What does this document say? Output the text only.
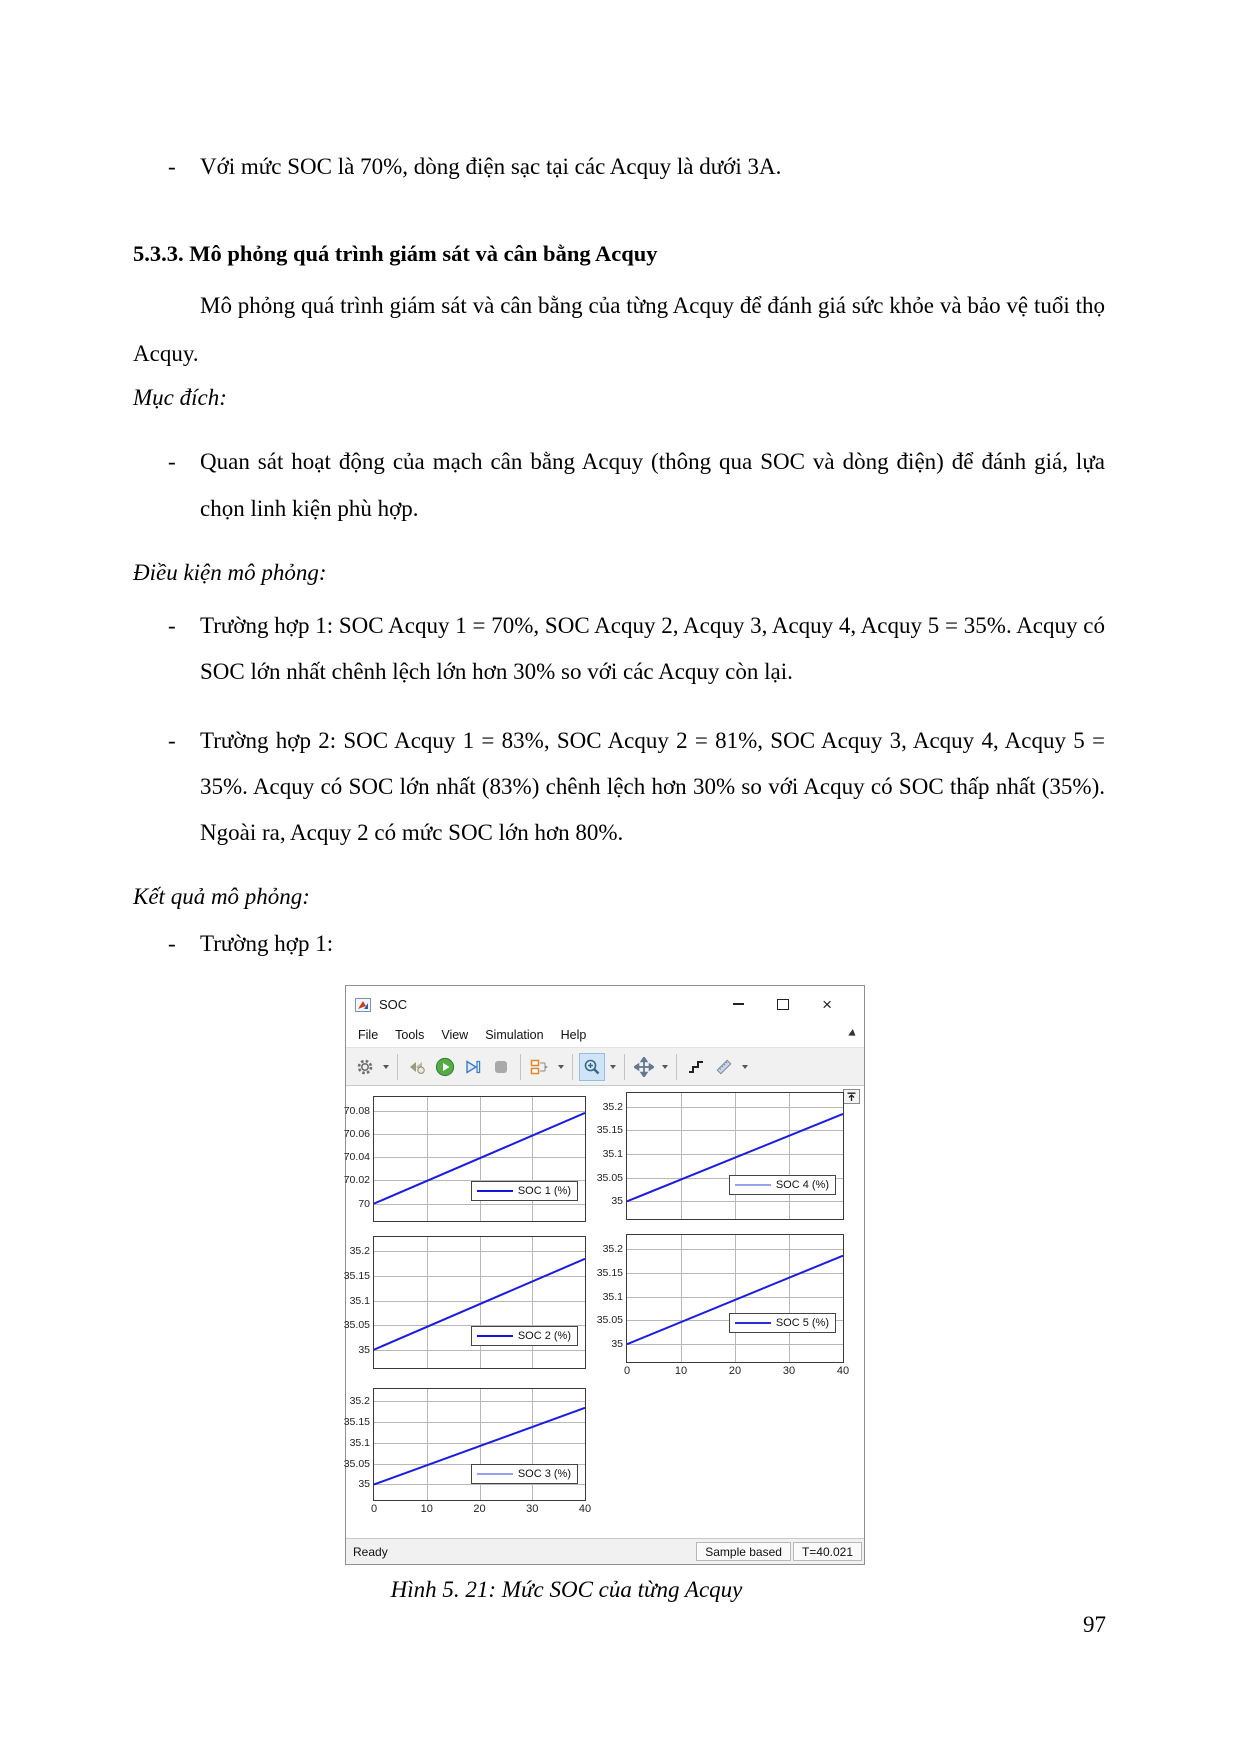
- Với mức SOC là 70%, dòng điện sạc tại các Acquy là dưới 3A.

5.3.3. Mô phỏng quá trình giám sát và cân bằng Acquy

Mô phỏng quá trình giám sát và cân bằng của từng Acquy để đánh giá sức khỏe và bảo vệ tuổi thọ Acquy.

Mục đích:

- Quan sát hoạt động của mạch cân bằng Acquy (thông qua SOC và dòng điện) để đánh giá, lựa chọn linh kiện phù hợp.

Điều kiện mô phỏng:

- Trường hợp 1: SOC Acquy 1 = 70%, SOC Acquy 2, Acquy 3, Acquy 4, Acquy 5 = 35%. Acquy có SOC lớn nhất chênh lệch lớn hơn 30% so với các Acquy còn lại.

- Trường hợp 2: SOC Acquy 1 = 83%, SOC Acquy 2 = 81%, SOC Acquy 3, Acquy 4, Acquy 5 = 35%. Acquy có SOC lớn nhất (83%) chênh lệch hơn 30% so với Acquy có SOC thấp nhất (35%). Ngoài ra, Acquy 2 có mức SOC lớn hơn 80%.

Kết quả mô phỏng:

- Trường hợp 1:

SOC	×
File Tools View Simulation Help
70.08
70.06
70.04
70.02
70
SOC 1 (%)
35.2
35.15
35.1
35.05
35
SOC 4 (%)
35.2
35.15
35.1
35.05
35
SOC 2 (%)
35.2
35.15
35.1
35.05
35
SOC 5 (%)
0	10	20	30	40
35.2
35.15
35.1
35.05
35
SOC 3 (%)
0	10	20	30	40
Ready	Sample based	T=40.021

Hình 5. 21: Mức SOC của từng Acquy

97
